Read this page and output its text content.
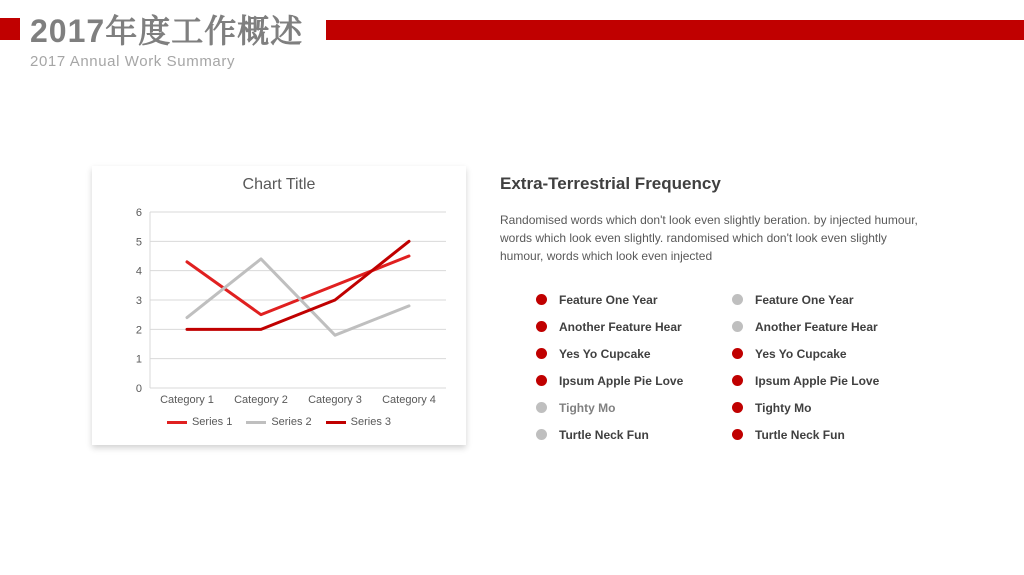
2017年度工作概述
2017 Annual Work Summary
Chart Title
0
1
2
3
4
5
6
Category 1 Category 2 Category 3 Category 4
Series 1	Series 2	Series 3
Extra-Terrestrial Frequency
Randomised words which don't look even slightly beration. by injected humour, words which look even slightly. randomised which don't look even slightly humour, words which look even injected
Feature One Year
Another Feature Hear
Yes Yo Cupcake
Ipsum Apple Pie Love
Tighty Mo
Turtle Neck Fun
Feature One Year
Another Feature Hear
Yes Yo Cupcake
Ipsum Apple Pie Love
Tighty Mo
Turtle Neck Fun
